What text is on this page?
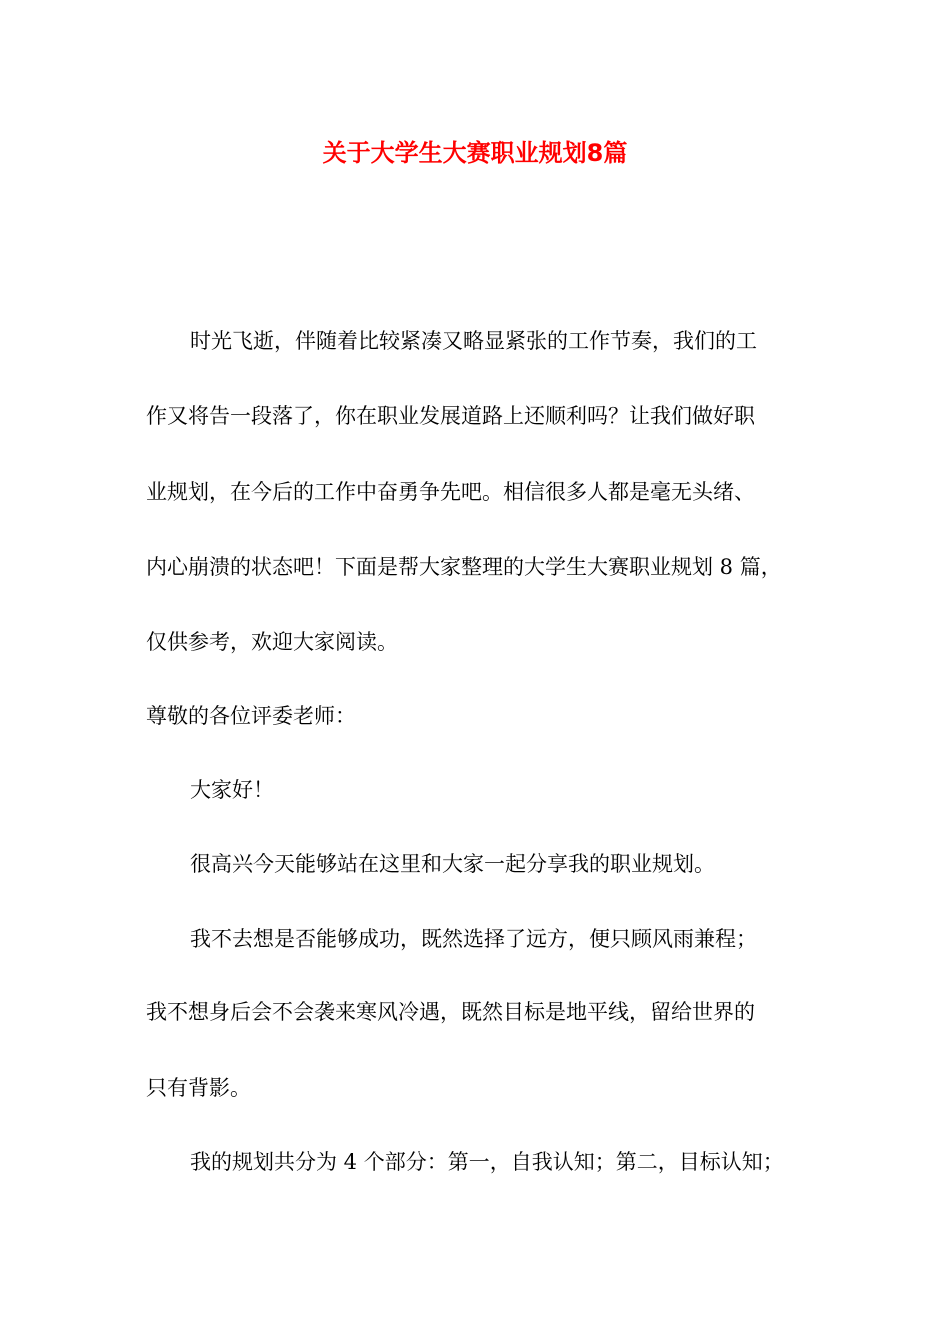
关于大学生大赛职业规划8篇

时光飞逝，伴随着比较紧凑又略显紧张的工作节奏，我们的工

作又将告一段落了，你在职业发展道路上还顺利吗？让我们做好职

业规划，在今后的工作中奋勇争先吧。相信很多人都是毫无头绪、

内心崩溃的状态吧！下面是帮大家整理的大学生大赛职业规划 8 篇，

仅供参考，欢迎大家阅读。

尊敬的各位评委老师：

大家好！

很高兴今天能够站在这里和大家一起分享我的职业规划。

我不去想是否能够成功，既然选择了远方，便只顾风雨兼程；

我不想身后会不会袭来寒风冷遇，既然目标是地平线，留给世界的

只有背影。

我的规划共分为 4 个部分：第一，自我认知；第二，目标认知；
